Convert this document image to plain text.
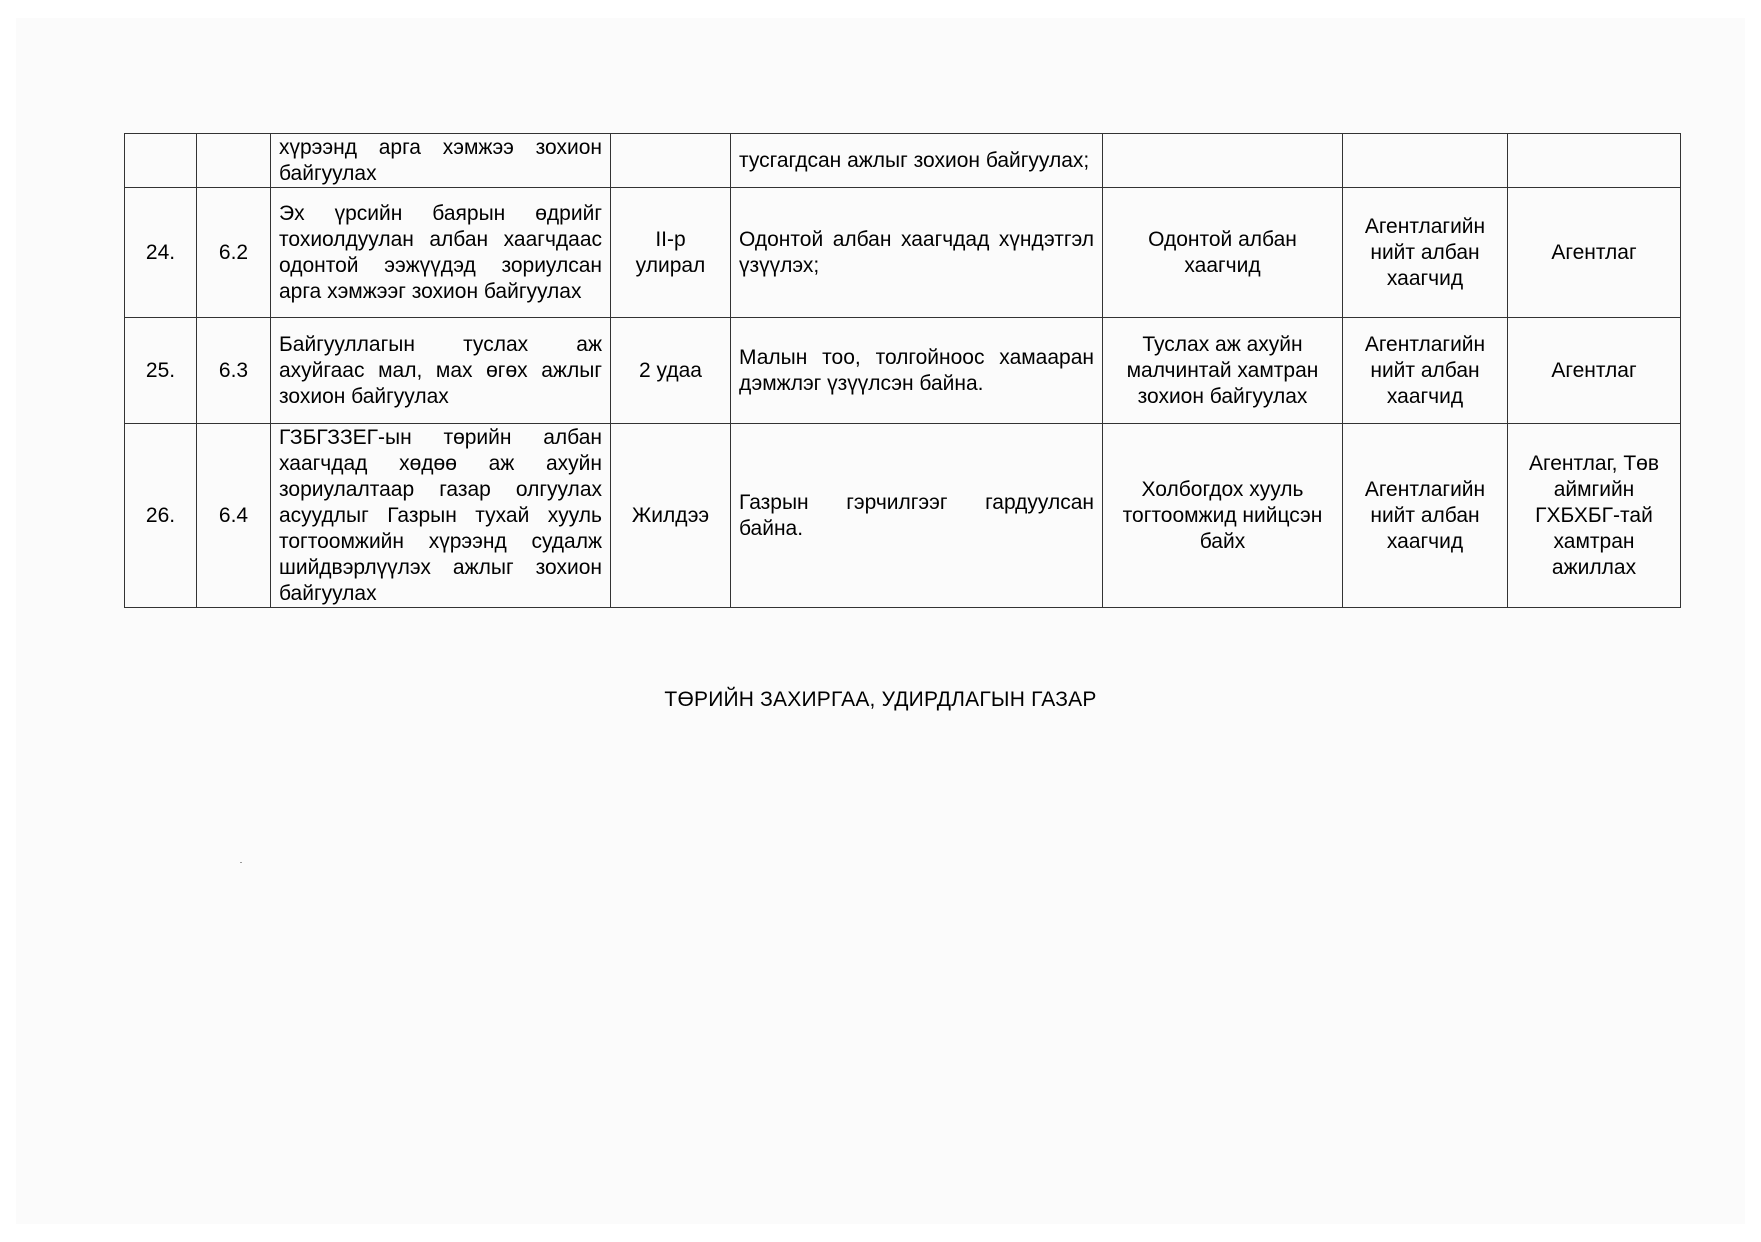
		хүрээнд арга хэмжээ зохион байгуулах		тусгагдсан ажлыг зохион байгуулах;			
24.	6.2	Эх үрсийн баярын өдрийг тохиолдуулан албан хаагчдаас одонтой ээжүүдэд зориулсан арга хэмжээг зохион байгуулах	II-р улирал	Одонтой албан хаагчдад хүндэтгэл үзүүлэх;	Одонтой албан хаагчид	Агентлагийн нийт албан хаагчид	Агентлаг
25.	6.3	Байгууллагын туслах аж ахуйгаас мал, мах өгөх ажлыг зохион байгуулах	2 удаа	Малын тоо, толгойноос хамааран дэмжлэг үзүүлсэн байна.	Туслах аж ахуйн малчинтай хамтран зохион байгуулах	Агентлагийн нийт албан хаагчид	Агентлаг
26.	6.4	ГЗБГЗЗЕГ-ын төрийн албан хаагчдад хөдөө аж ахуйн зориулалтаар газар олгуулах асуудлыг Газрын тухай хууль тогтоомжийн хүрээнд судалж шийдвэрлүүлэх ажлыг зохион байгуулах	Жилдээ	Газрын гэрчилгээг гардуулсан байна.	Холбогдох хууль тогтоомжид нийцсэн байх	Агентлагийн нийт албан хаагчид	Агентлаг, Төв аймгийн ГХБХБГ-тай хамтран ажиллах
ТӨРИЙН ЗАХИРГАА, УДИРДЛАГЫН ГАЗАР
